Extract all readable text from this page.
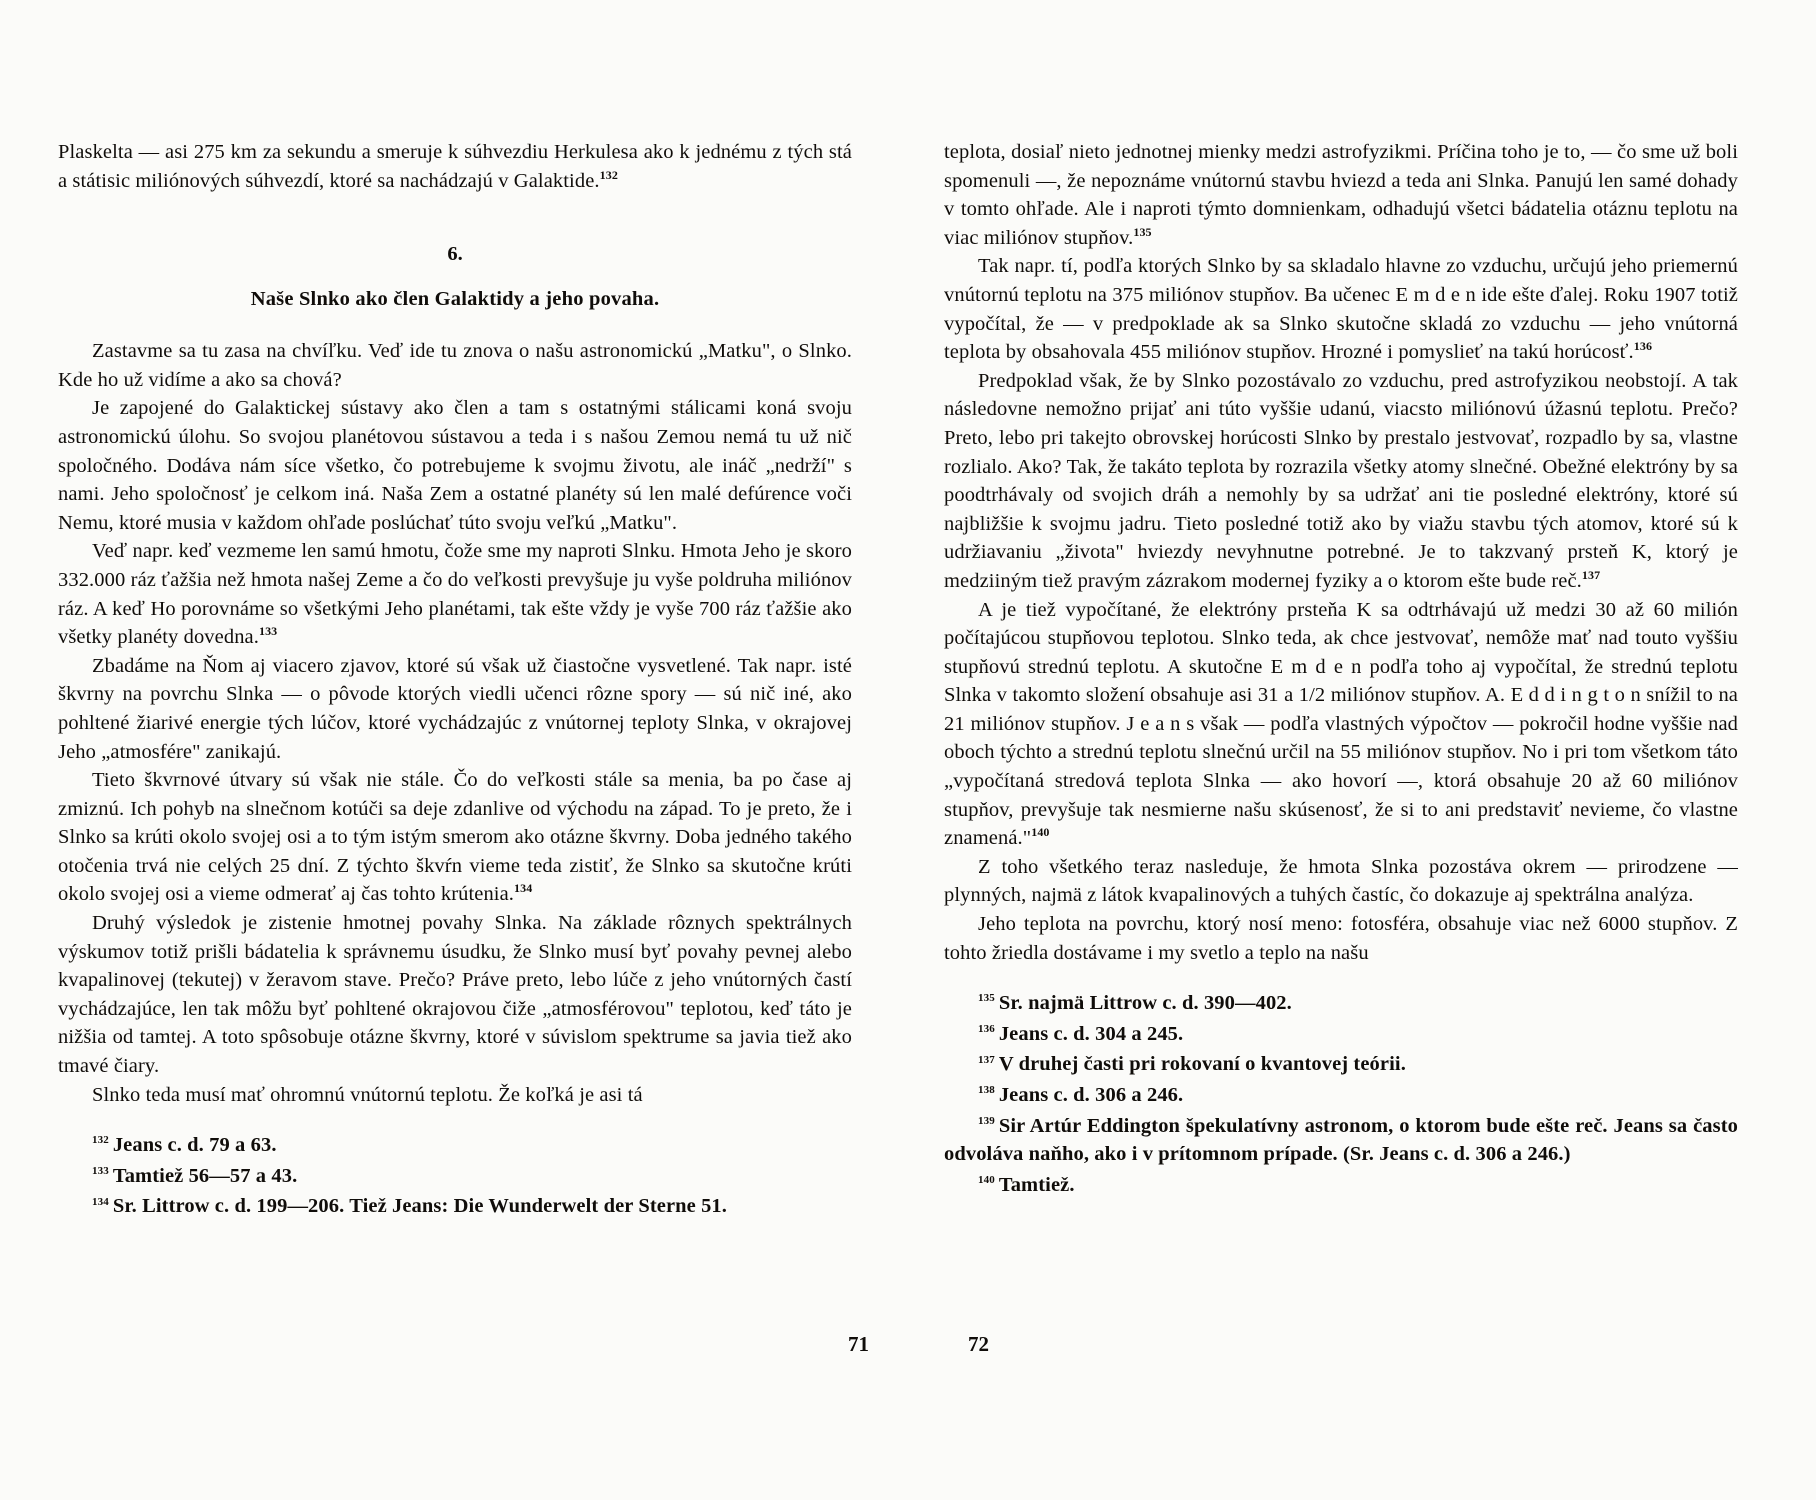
Plaskelta — asi 275 km za sekundu a smeruje k súhvezdiu Herkulesa ako k jednému z tých stá a státisic miliónových súhvezdí, ktoré sa nachádzajú v Galaktide.$^{132}$

6.
Naše Slnko ako člen Galaktidy a jeho povaha.

Zastavme sa tu zasa na chvíľku. Veď ide tu znova o našu astronomickú „Matku", o Slnko. Kde ho už vidíme a ako sa chová?

Je zapojené do Galaktickej sústavy ako člen a tam s ostatnými stálicami koná svoju astronomickú úlohu. So svojou planétovou sústavou a teda i s našou Zemou nemá tu už nič spoločného. Dodáva nám síce všetko, čo potrebujeme k svojmu životu, ale ináč „nedrží" s nami. Jeho spoločnosť je celkom iná. Naša Zem a ostatné planéty sú len malé defúrence voči Nemu, ktoré musia v každom ohľade poslúchať túto svoju veľkú „Matku".

Veď napr. keď vezmeme len samú hmotu, čože sme my naproti Slnku. Hmota Jeho je skoro 332.000 ráz ťažšia než hmota našej Zeme a čo do veľkosti prevyšuje ju vyše poldruha miliónov ráz. A keď Ho porovnáme so všetkými Jeho planétami, tak ešte vždy je vyše 700 ráz ťažšie ako všetky planéty dovedna.$^{133}$

Zbadáme na Ňom aj viacero zjavov, ktoré sú však už čiastočne vysvetlené. Tak napr. isté škvrny na povrchu Slnka — o pôvode ktorých viedli učenci rôzne spory — sú nič iné, ako pohltené žiarivé energie tých lúčov, ktoré vychádzajúc z vnútornej teploty Slnka, v okrajovej Jeho „atmosfére" zanikajú.

Tieto škvrnové útvary sú však nie stále. Čo do veľkosti stále sa menia, ba po čase aj zmiznú. Ich pohyb na slnečnom kotúči sa deje zdanlive od východu na západ. To je preto, že i Slnko sa krúti okolo svojej osi a to tým istým smerom ako otázne škvrny. Doba jedného takého otočenia trvá nie celých 25 dní. Z týchto škvŕn vieme teda zistiť, že Slnko sa skutočne krúti okolo svojej osi a vieme odmerať aj čas tohto krútenia.$^{134}$

Druhý výsledok je zistenie hmotnej povahy Slnka. Na základe rôznych spektrálnych výskumov totiž prišli bádatelia k správnemu úsudku, že Slnko musí byť povahy pevnej alebo kvapalinovej (tekutej) v žeravom stave. Prečo? Práve preto, lebo lúče z jeho vnútorných častí vychádzajúce, len tak môžu byť pohltené okrajovou čiže „atmosférovou" teplotou, keď táto je nižšia od tamtej. A toto spôsobuje otázne škvrny, ktoré v súvislom spektrume sa javia tiež ako tmavé čiary.

Slnko teda musí mať ohromnú vnútornú teplotu. Že koľká je asi tá

$^{132}$ Jeans c. d. 79 a 63.

$^{133}$ Tamtiež 56—57 a 43.

$^{134}$ Sr. Littrow c. d. 199—206. Tiež Jeans: Die Wunderwelt der Sterne 51.

teplota, dosiaľ nieto jednotnej mienky medzi astrofyzikmi. Príčina toho je to, — čo sme už boli spomenuli —, že nepoznáme vnútornú stavbu hviezd a teda ani Slnka. Panujú len samé dohady v tomto ohľade. Ale i naproti týmto domnienkam, odhadujú všetci bádatelia otáznu teplotu na viac miliónov stupňov.$^{135}$

Tak napr. tí, podľa ktorých Slnko by sa skladalo hlavne zo vzduchu, určujú jeho priemernú vnútornú teplotu na 375 miliónov stupňov. Ba učenec E m d e n ide ešte ďalej. Roku 1907 totiž vypočítal, že — v predpoklade ak sa Slnko skutočne skladá zo vzduchu — jeho vnútorná teplota by obsahovala 455 miliónov stupňov. Hrozné i pomyslieť na takú horúcosť.$^{136}$

Predpoklad však, že by Slnko pozostávalo zo vzduchu, pred astrofyzikou neobstojí. A tak následovne nemožno prijať ani túto vyššie udanú, viacsto miliónovú úžasnú teplotu. Prečo? Preto, lebo pri takejto obrovskej horúcosti Slnko by prestalo jestvovať, rozpadlo by sa, vlastne rozlialo. Ako? Tak, že takáto teplota by rozrazila všetky atomy slnečné. Obežné elektróny by sa poodtrhávaly od svojich dráh a nemohly by sa udržať ani tie posledné elektróny, ktoré sú najbližšie k svojmu jadru. Tieto posledné totiž ako by viažu stavbu tých atomov, ktoré sú k udržiavaniu „života" hviezdy nevyhnutne potrebné. Je to takzvaný prsteň K, ktorý je medziiným tiež pravým zázrakom modernej fyziky a o ktorom ešte bude reč.$^{137}$

A je tiež vypočítané, že elektróny prsteňa K sa odtrhávajú už medzi 30 až 60 milión počítajúcou stupňovou teplotou. Slnko teda, ak chce jestvovať, nemôže mať nad touto vyššiu stupňovú strednú teplotu. A skutočne E m d e n podľa toho aj vypočítal, že strednú teplotu Slnka v takomto složení obsahuje asi 31 a 1/2 miliónov stupňov. A. E d d i n g t o n snížil to na 21 miliónov stupňov. J e a n s však — podľa vlastných výpočtov — pokročil hodne vyššie nad oboch týchto a strednú teplotu slnečnú určil na 55 miliónov stupňov. No i pri tom všetkom táto „vypočítaná stredová teplota Slnka — ako hovorí —, ktorá obsahuje 20 až 60 miliónov stupňov, prevyšuje tak nesmierne našu skúsenosť, že si to ani predstaviť nevieme, čo vlastne znamená."$^{140}$

Z toho všetkého teraz nasleduje, že hmota Slnka pozostáva okrem — prirodzene — plynných, najmä z látok kvapalinových a tuhých častíc, čo dokazuje aj spektrálna analýza.

Jeho teplota na povrchu, ktorý nosí meno: fotosféra, obsahuje viac než 6000 stupňov. Z tohto žriedla dostávame i my svetlo a teplo na našu

$^{135}$ Sr. najmä Littrow c. d. 390—402.

$^{136}$ Jeans c. d. 304 a 245.

$^{137}$ V druhej časti pri rokovaní o kvantovej teórii.

$^{138}$ Jeans c. d. 306 a 246.

$^{139}$ Sir Artúr Eddington špekulatívny astronom, o ktorom bude ešte reč. Jeans sa často odvoláva naňho, ako i v prítomnom prípade. (Sr. Jeans c. d. 306 a 246.)

$^{140}$ Tamtiež.

71	72
